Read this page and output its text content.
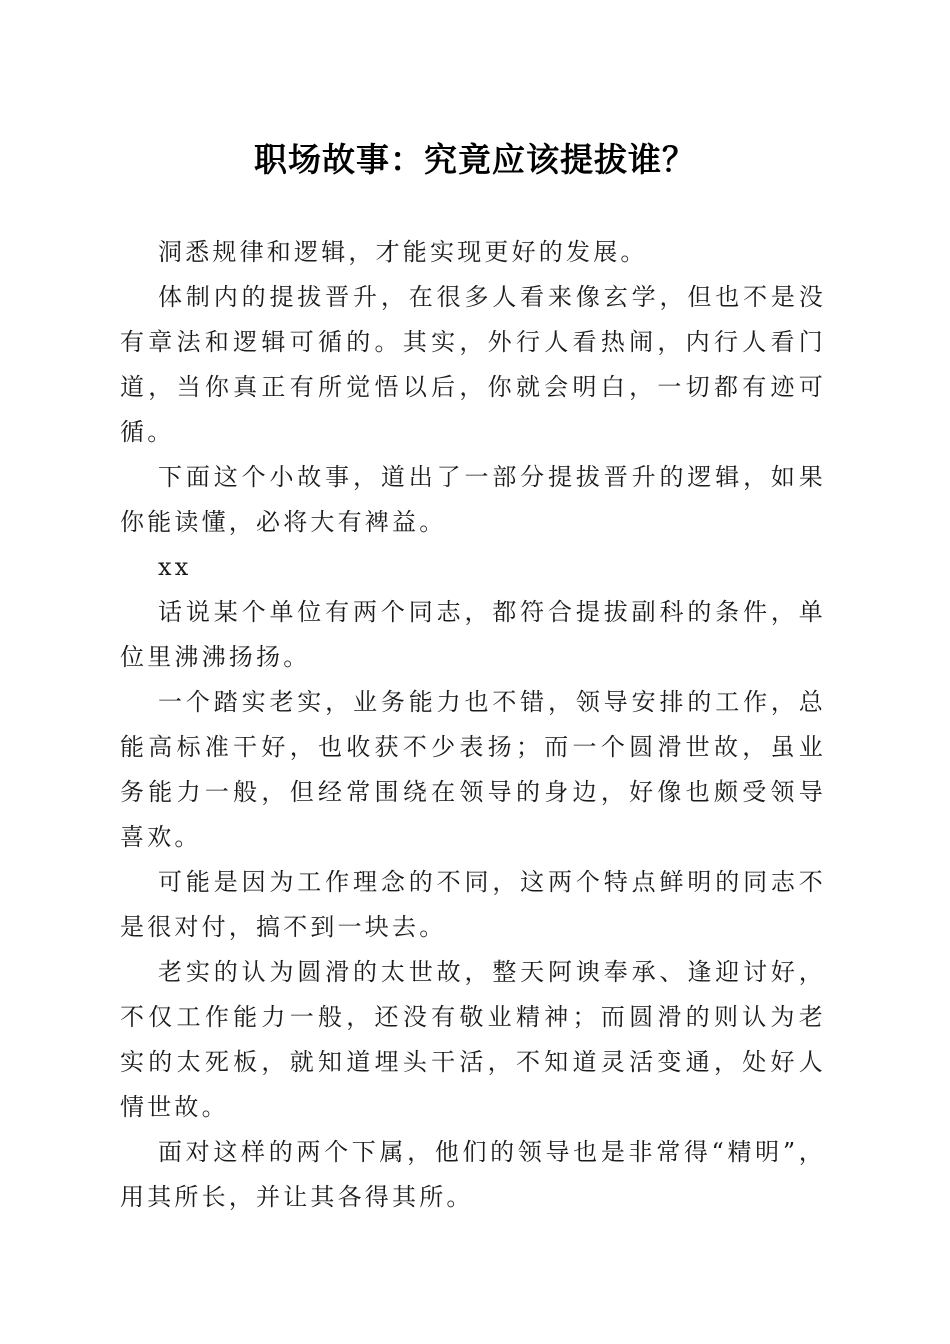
职场故事：究竟应该提拔谁？

洞悉规律和逻辑，才能实现更好的发展。

体制内的提拔晋升，在很多人看来像玄学，但也不是没有章法和逻辑可循的。其实，外行人看热闹，内行人看门道，当你真正有所觉悟以后，你就会明白，一切都有迹可循。

下面这个小故事，道出了一部分提拔晋升的逻辑，如果你能读懂，必将大有裨益。

xx

话说某个单位有两个同志，都符合提拔副科的条件，单位里沸沸扬扬。

一个踏实老实，业务能力也不错，领导安排的工作，总能高标准干好，也收获不少表扬；而一个圆滑世故，虽业务能力一般，但经常围绕在领导的身边，好像也颇受领导喜欢。

可能是因为工作理念的不同，这两个特点鲜明的同志不是很对付，搞不到一块去。

老实的认为圆滑的太世故，整天阿谀奉承、逢迎讨好，不仅工作能力一般，还没有敬业精神；而圆滑的则认为老实的太死板，就知道埋头干活，不知道灵活变通，处好人情世故。

面对这样的两个下属，他们的领导也是非常得“精明”，用其所长，并让其各得其所。
